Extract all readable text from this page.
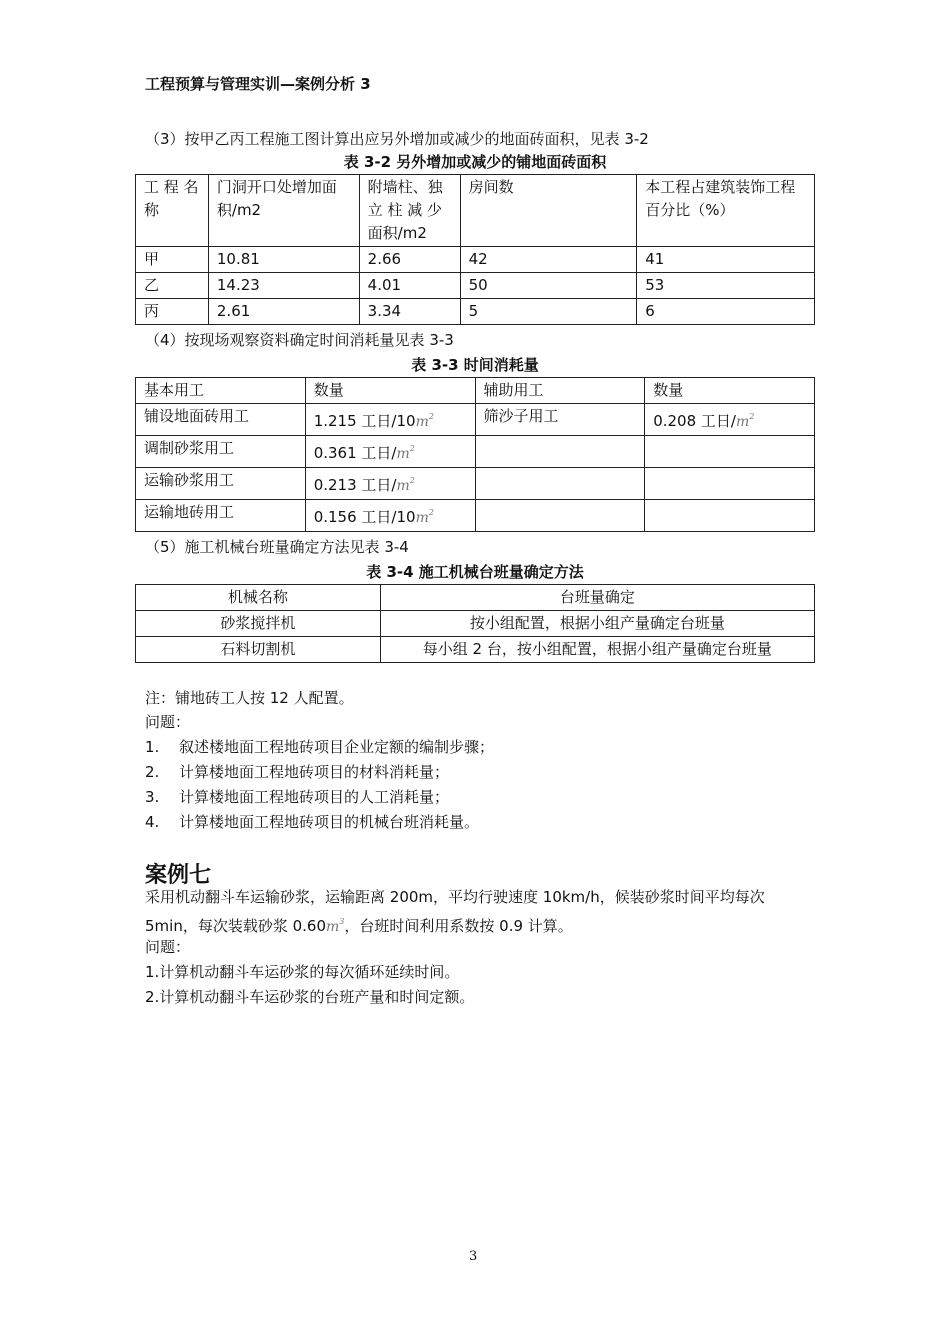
工程预算与管理实训—案例分析 3
（3）按甲乙丙工程施工图计算出应另外增加或减少的地面砖面积，见表 3-2
表 3-2 另外增加或减少的铺地面砖面积
工 程 名称	门洞开口处增加面积/m2	附墙柱、独立 柱 减 少面积/m2	房间数	本工程占建筑装饰工程百分比（%）
甲	10.81	2.66	42	41
乙	14.23	4.01	50	53
丙	2.61	3.34	5	6
（4）按现场观察资料确定时间消耗量见表 3-3
表 3-3 时间消耗量
基本用工	数量	辅助用工	数量
铺设地面砖用工	1.215 工日$/10m^2$	筛沙子用工	0.208 工日$/m^2$
调制砂浆用工	0.361 工日$/m^2$		
运输砂浆用工	0.213 工日$/m^2$		
运输地砖用工	0.156 工日$/10m^2$		
（5）施工机械台班量确定方法见表 3-4
表 3-4 施工机械台班量确定方法
机械名称	台班量确定
砂浆搅拌机	按小组配置，根据小组产量确定台班量
石料切割机	每小组 2 台，按小组配置，根据小组产量确定台班量
注：铺地砖工人按 12 人配置。
问题：
1. 叙述楼地面工程地砖项目企业定额的编制步骤；
2. 计算楼地面工程地砖项目的材料消耗量；
3. 计算楼地面工程地砖项目的人工消耗量；
4. 计算楼地面工程地砖项目的机械台班消耗量。
案例七
采用机动翻斗车运输砂浆，运输距离 200m，平均行驶速度 10km/h，候装砂浆时间平均每次
5min，每次装载砂浆 $0.60m^3$，台班时间利用系数按 0.9 计算。
问题：
1.计算机动翻斗车运砂浆的每次循环延续时间。
2.计算机动翻斗车运砂浆的台班产量和时间定额。
3
